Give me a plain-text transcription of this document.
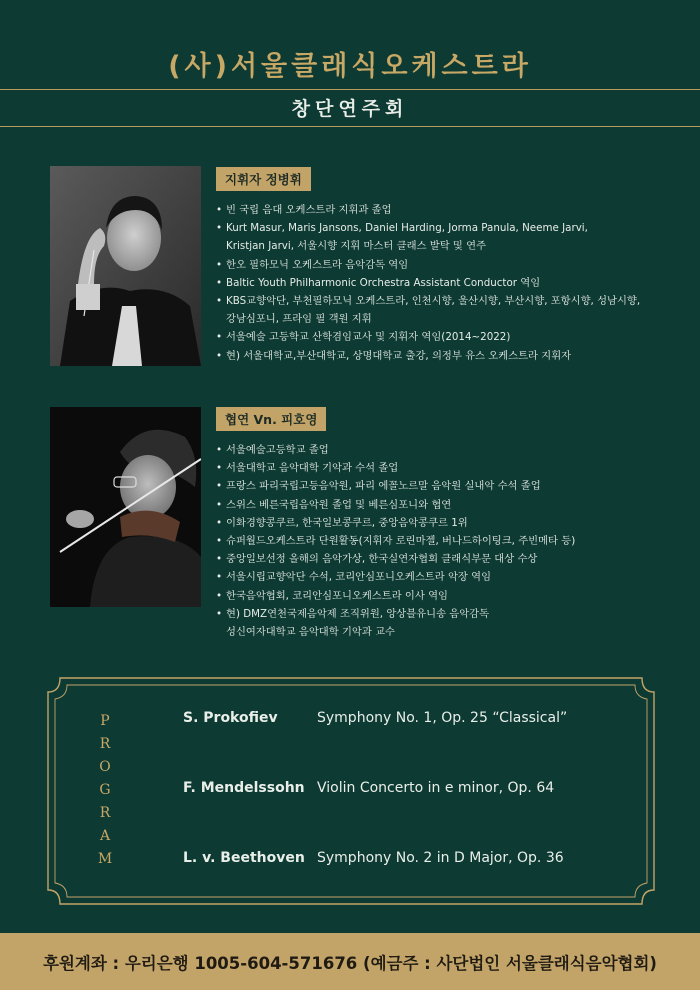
(사)서울클래식오케스트라
창단연주회
지휘자 정병휘
• 빈 국립 음대 오케스트라 지휘과 졸업
• Kurt Masur, Maris Jansons, Daniel Harding, Jorma Panula, Neeme Jarvi,
Kristjan Jarvi, 서울시향 지휘 마스터 클래스 발탁 및 연주
• 한오 필하모닉 오케스트라 음악감독 역임
• Baltic Youth Philharmonic Orchestra Assistant Conductor 역임
• KBS교향악단, 부천필하모닉 오케스트라, 인천시향, 울산시향, 부산시향, 포항시향, 성남시향,
강남심포니, 프라임 필 객원 지휘
• 서울예술 고등학교 산학겸임교사 및 지휘자 역임(2014~2022)
• 현) 서울대학교,부산대학교, 상명대학교 출강, 의정부 유스 오케스트라 지휘자
협연 Vn. 피호영
• 서울예술고등학교 졸업
• 서울대학교 음악대학 기악과 수석 졸업
• 프랑스 파리국립고등음악원, 파리 에꼴노르말 음악원 실내악 수석 졸업
• 스위스 베른국립음악원 졸업 및 베른심포니와 협연
• 이화경향콩쿠르, 한국일보콩쿠르, 중앙음악콩쿠르 1위
• 슈퍼월드오케스트라 단원활동(지휘자 로린마젤, 버나드하이팅크, 주빈메타 등)
• 중앙일보선정 올해의 음악가상, 한국실연자협회 클래식부문 대상 수상
• 서울시립교향악단 수석, 코리안심포니오케스트라 악장 역임
• 한국음악협회, 코리안심포니오케스트라 이사 역임
• 현) DMZ연천국제음악제 조직위원, 앙상블유니송 음악감독
성신여자대학교 음악대학 기악과 교수
P
R
O
G
R
A
M
S. Prokofiev	Symphony No. 1, Op. 25 “Classical”
F. Mendelssohn Violin Concerto in e minor, Op. 64
L. v. Beethoven Symphony No. 2 in D Major, Op. 36
후원계좌 : 우리은행 1005-604-571676 (예금주 : 사단법인 서울클래식음악협회)
